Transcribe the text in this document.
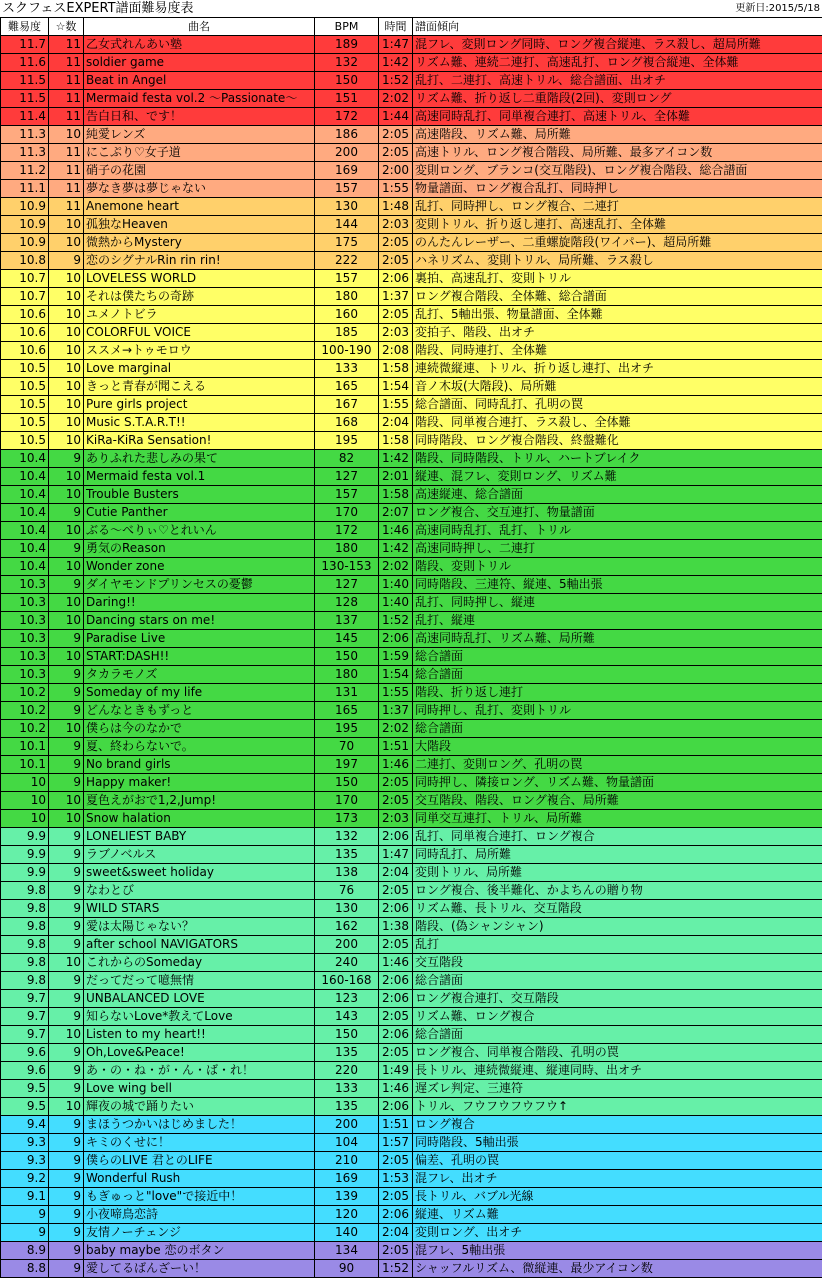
スクフェスEXPERT譜面難易度表	更新日:2015/5/18
難易度	☆数	曲名	BPM	時間	譜面傾向
11.7	11	乙女式れんあい塾	189	1:47	混フレ、変則ロング同時、ロング複合縦連、ラス殺し、超局所難
11.6	11	soldier game	132	1:42	リズム難、連続二連打、高速乱打、ロング複合縦連、全体難
11.5	11	Beat in Angel	150	1:52	乱打、二連打、高速トリル、総合譜面、出オチ
11.5	11	Mermaid festa vol.2 ～Passionate～	151	2:02	リズム難、折り返し二重階段(2回)、変則ロング
11.4	11	告白日和、です！	172	1:44	高速同時乱打、同単複合連打、高速トリル、全体難
11.3	10	純愛レンズ	186	2:05	高速階段、リズム難、局所難
11.3	11	にこぷり♡女子道	200	2:05	高速トリル、ロング複合階段、局所難、最多アイコン数
11.2	11	硝子の花園	169	2:00	変則ロング、ブランコ(交互階段)、ロング複合階段、総合譜面
11.1	11	夢なき夢は夢じゃない	157	1:55	物量譜面、ロング複合乱打、同時押し
10.9	11	Anemone heart	130	1:48	乱打、同時押し、ロング複合、二連打
10.9	10	孤独なHeaven	144	2:03	変則トリル、折り返し連打、高速乱打、全体難
10.9	10	微熱からMystery	175	2:05	のんたんレーザー、二重螺旋階段(ワイパー)、超局所難
10.8	9	恋のシグナルRin rin rin!	222	2:05	ハネリズム、変則トリル、局所難、ラス殺し
10.7	10	LOVELESS WORLD	157	2:06	裏拍、高速乱打、変則トリル
10.7	10	それは僕たちの奇跡	180	1:37	ロング複合階段、全体難、総合譜面
10.6	10	ユメノトビラ	160	2:05	乱打、5軸出張、物量譜面、全体難
10.6	10	COLORFUL VOICE	185	2:03	変拍子、階段、出オチ
10.6	10	ススメ→トゥモロウ	100-190	2:08	階段、同時連打、全体難
10.5	10	Love marginal	133	1:58	連続微縦連、トリル、折り返し連打、出オチ
10.5	10	きっと青春が聞こえる	165	1:54	音ノ木坂(大階段)、局所難
10.5	10	Pure girls project	167	1:55	総合譜面、同時乱打、孔明の罠
10.5	10	Music S.T.A.R.T!!	168	2:04	階段、同単複合連打、ラス殺し、全体難
10.5	10	KiRa-KiRa Sensation!	195	1:58	同時階段、ロング複合階段、終盤難化
10.4	9	ありふれた悲しみの果て	82	1:42	階段、同時階段、トリル、ハートブレイク
10.4	10	Mermaid festa vol.1	127	2:01	縦連、混フレ、変則ロング、リズム難
10.4	10	Trouble Busters	157	1:58	高速縦連、総合譜面
10.4	9	Cutie Panther	170	2:07	ロング複合、交互連打、物量譜面
10.4	10	ぶる～べりぃ♡とれいん	172	1:46	高速同時乱打、乱打、トリル
10.4	9	勇気のReason	180	1:42	高速同時押し、二連打
10.4	10	Wonder zone	130-153	2:02	階段、変則トリル
10.3	9	ダイヤモンドプリンセスの憂鬱	127	1:40	同時階段、三連符、縦連、5軸出張
10.3	10	Daring!!	128	1:40	乱打、同時押し、縦連
10.3	10	Dancing stars on me!	137	1:52	乱打、縦連
10.3	9	Paradise Live	145	2:06	高速同時乱打、リズム難、局所難
10.3	10	START:DASH!!	150	1:59	総合譜面
10.3	9	タカラモノズ	180	1:54	総合譜面
10.2	9	Someday of my life	131	1:55	階段、折り返し連打
10.2	9	どんなときもずっと	165	1:37	同時押し、乱打、変則トリル
10.2	10	僕らは今のなかで	195	2:02	総合譜面
10.1	9	夏、終わらないで。	70	1:51	大階段
10.1	9	No brand girls	197	1:46	二連打、変則ロング、孔明の罠
10	9	Happy maker!	150	2:05	同時押し、隣接ロング、リズム難、物量譜面
10	10	夏色えがおで1,2,Jump!	170	2:05	交互階段、階段、ロング複合、局所難
10	10	Snow halation	173	2:03	同単交互連打、トリル、局所難
9.9	9	LONELIEST BABY	132	2:06	乱打、同単複合連打、ロング複合
9.9	9	ラブノベルス	135	1:47	同時乱打、局所難
9.9	9	sweet&sweet holiday	138	2:04	変則トリル、局所難
9.8	9	なわとび	76	2:05	ロング複合、後半難化、かよちんの贈り物
9.8	9	WILD STARS	130	2:06	リズム難、長トリル、交互階段
9.8	9	愛は太陽じゃない？	162	1:38	階段、(偽シャンシャン)
9.8	9	after school NAVIGATORS	200	2:05	乱打
9.8	10	これからのSomeday	240	1:46	交互階段
9.8	9	だってだって噫無情	160-168	2:06	総合譜面
9.7	9	UNBALANCED LOVE	123	2:06	ロング複合連打、交互階段
9.7	9	知らないLove*教えてLove	143	2:05	リズム難、ロング複合
9.7	10	Listen to my heart!!	150	2:06	総合譜面
9.6	9	Oh,Love&Peace!	135	2:05	ロング複合、同単複合階段、孔明の罠
9.6	9	あ・の・ね・が・ん・ば・れ！	220	1:49	長トリル、連続微縦連、縦連同時、出オチ
9.5	9	Love wing bell	133	1:46	遅ズレ判定、三連符
9.5	10	輝夜の城で踊りたい	135	2:06	トリル、フウフウフウフウ↑
9.4	9	まほうつかいはじめました！	200	1:51	ロング複合
9.3	9	キミのくせに！	104	1:57	同時階段、5軸出張
9.3	9	僕らのLIVE 君とのLIFE	210	2:05	偏差、孔明の罠
9.2	9	Wonderful Rush	169	1:53	混フレ、出オチ
9.1	9	もぎゅっと"love"で接近中！	139	2:05	長トリル、バブル光線
9	9	小夜啼鳥恋詩	120	2:06	縦連、リズム難
9	9	友情ノーチェンジ	140	2:04	変則ロング、出オチ
8.9	9	baby maybe 恋のボタン	134	2:05	混フレ、5軸出張
8.8	9	愛してるばんざーい！	90	1:52	シャッフルリズム、微縦連、最少アイコン数
